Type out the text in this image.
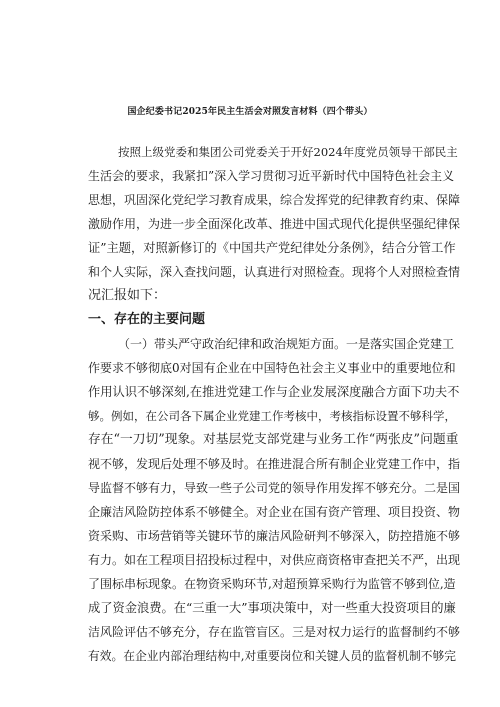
国企纪委书记2025年民主生活会对照发言材料（四个带头）
按照上级党委和集团公司党委关于开好2024年度党员领导干部民主
生活会的要求，我紧扣”深入学习贯彻习近平新时代中国特色社会主义
思想，巩固深化党纪学习教育成果，综合发挥党的纪律教育约束、保障
激励作用，为进一步全面深化改革、推进中国式现代化提供坚强纪律保
证”主题，对照新修订的《中国共产党纪律处分条例》，结合分管工作
和个人实际，深入查找问题，认真进行对照检查。现将个人对照检查情
况汇报如下：
一、存在的主要问题
（一）带头严守政治纪律和政治规矩方面。一是落实国企党建工
作要求不够彻底0对国有企业在中国特色社会主义事业中的重要地位和
作用认识不够深刻,在推进党建工作与企业发展深度融合方面下功夫不
够。例如，在公司各下属企业党建工作考核中，考核指标设置不够科学，
存在“一刀切”现象。对基层党支部党建与业务工作“两张皮”问题重
视不够，发现后处理不够及时。在推进混合所有制企业党建工作中，指
导监督不够有力，导致一些子公司党的领导作用发挥不够充分。二是国
企廉洁风险防控体系不够健全。对企业在国有资产管理、项目投资、物
资采购、市场营销等关键环节的廉洁风险研判不够深入，防控措施不够
有力。如在工程项目招投标过程中，对供应商资格审查把关不严，出现
了围标串标现象。在物资采购环节,对超预算采购行为监管不够到位,造
成了资金浪费。在“三重一大”事项决策中，对一些重大投资项目的廉
洁风险评估不够充分，存在监管盲区。三是对权力运行的监督制约不够
有效。在企业内部治理结构中,对重要岗位和关键人员的监督机制不够完
